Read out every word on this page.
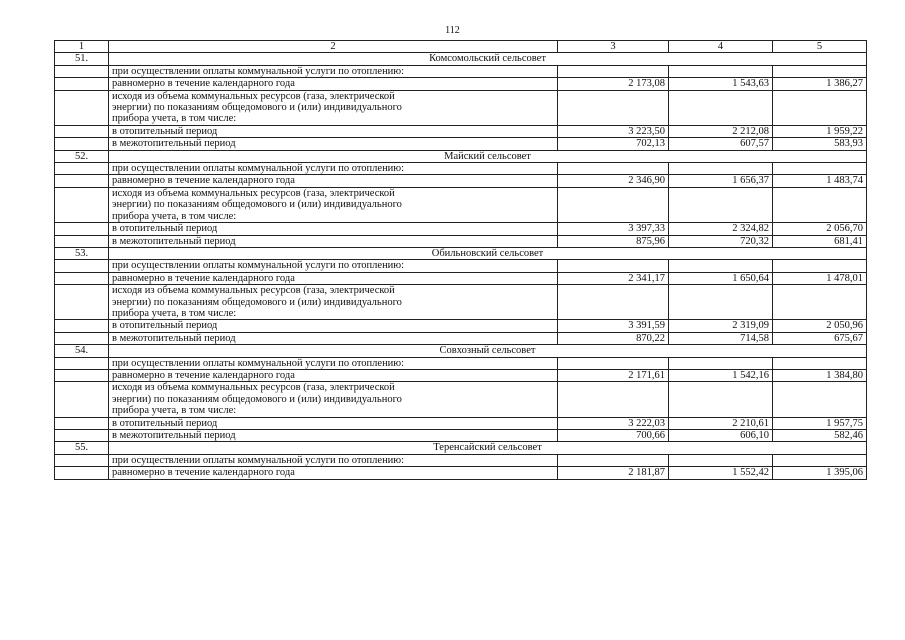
112
1	2	3	4	5
51.	Комсомольский сельсовет			
	при осуществлении оплаты коммунальной услуги по отоплению:			
	равномерно в течение календарного года	2 173,08	1 543,63	1 386,27
	исходя из объема коммунальных ресурсов (газа, электрической энергии) по показаниям общедомового и (или) индивидуального прибора учета, в том числе:			
	в отопительный период	3 223,50	2 212,08	1 959,22
	в межотопительный период	702,13	607,57	583,93
52.	Майский сельсовет			
	при осуществлении оплаты коммунальной услуги по отоплению:			
	равномерно в течение календарного года	2 346,90	1 656,37	1 483,74
	исходя из объема коммунальных ресурсов (газа, электрической энергии) по показаниям общедомового и (или) индивидуального прибора учета, в том числе:			
	в отопительный период	3 397,33	2 324,82	2 056,70
	в межотопительный период	875,96	720,32	681,41
53.	Обильновский сельсовет			
	при осуществлении оплаты коммунальной услуги по отоплению:			
	равномерно в течение календарного года	2 341,17	1 650,64	1 478,01
	исходя из объема коммунальных ресурсов (газа, электрической энергии) по показаниям общедомового и (или) индивидуального прибора учета, в том числе:			
	в отопительный период	3 391,59	2 319,09	2 050,96
	в межотопительный период	870,22	714,58	675,67
54.	Совхозный сельсовет			
	при осуществлении оплаты коммунальной услуги по отоплению:			
	равномерно в течение календарного года	2 171,61	1 542,16	1 384,80
	исходя из объема коммунальных ресурсов (газа, электрической энергии) по показаниям общедомового и (или) индивидуального прибора учета, в том числе:			
	в отопительный период	3 222,03	2 210,61	1 957,75
	в межотопительный период	700,66	606,10	582,46
55.	Теренсайский сельсовет			
	при осуществлении оплаты коммунальной услуги по отоплению:			
	равномерно в течение календарного года	2 181,87	1 552,42	1 395,06
